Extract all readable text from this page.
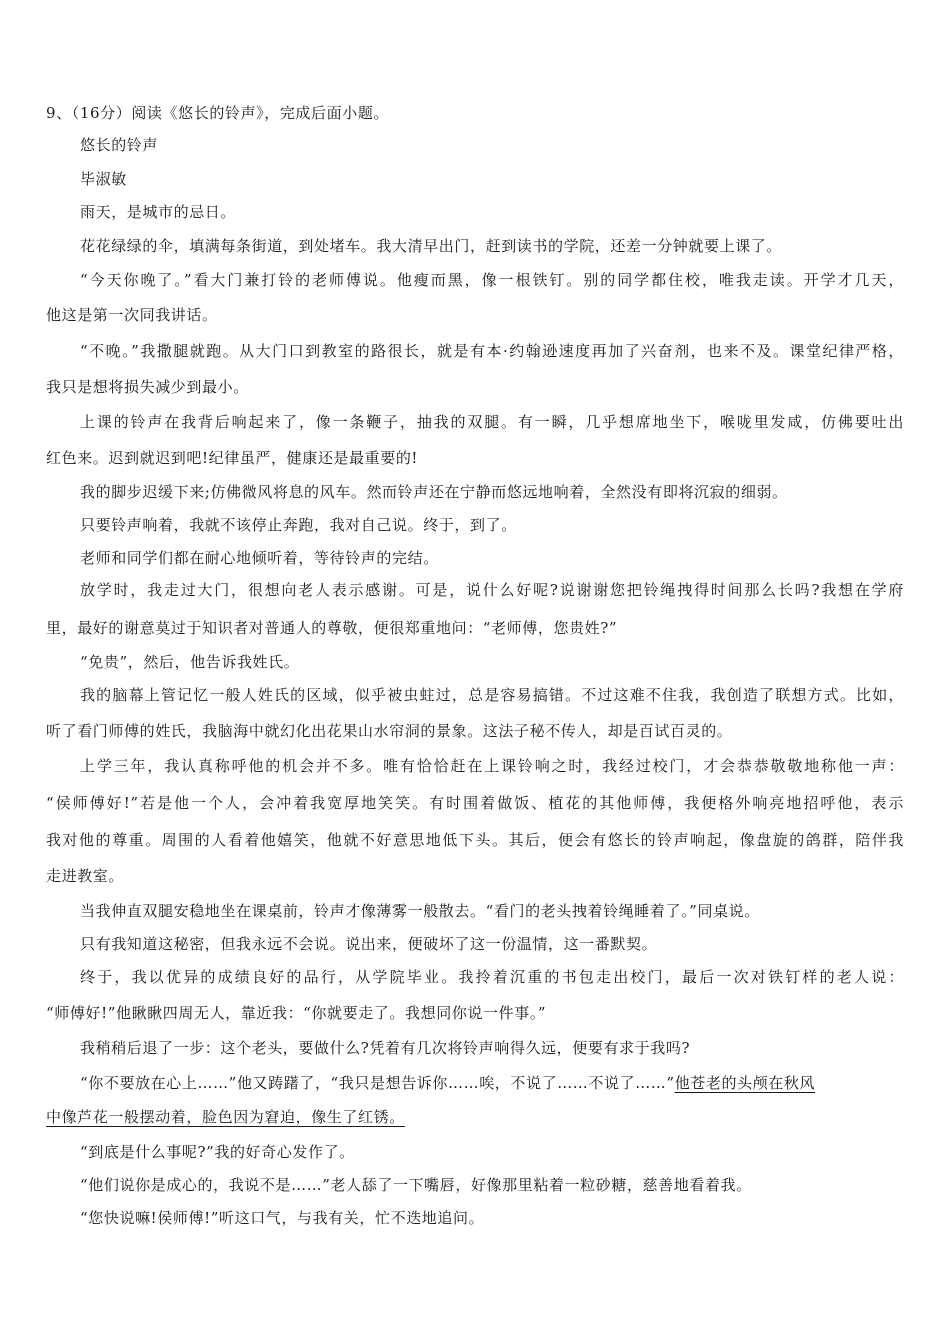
9、（16分）阅读《悠长的铃声》，完成后面小题。
悠长的铃声
毕淑敏
雨天，是城市的忌日。
花花绿绿的伞，填满每条街道，到处堵车。我大清早出门，赶到读书的学院，还差一分钟就要上课了。
“今天你晚了。”看大门兼打铃的老师傅说。他瘦而黑，像一根铁钉。别的同学都住校，唯我走读。开学才几天，
他这是第一次同我讲话。
“不晚。”我撒腿就跑。从大门口到教室的路很长，就是有本·约翰逊速度再加了兴奋剂，也来不及。课堂纪律严格，
我只是想将损失减少到最小。
上课的铃声在我背后响起来了，像一条鞭子，抽我的双腿。有一瞬，几乎想席地坐下，喉咙里发咸，仿佛要吐出
红色来。迟到就迟到吧!纪律虽严，健康还是最重要的!
我的脚步迟缓下来;仿佛微风将息的风车。然而铃声还在宁静而悠远地响着，全然没有即将沉寂的细弱。
只要铃声响着，我就不该停止奔跑，我对自己说。终于，到了。
老师和同学们都在耐心地倾听着，等待铃声的完结。
放学时，我走过大门，很想向老人表示感谢。可是，说什么好呢?说谢谢您把铃绳拽得时间那么长吗?我想在学府
里，最好的谢意莫过于知识者对普通人的尊敬，便很郑重地问：“老师傅，您贵姓?”
“免贵”，然后，他告诉我姓氏。
我的脑幕上管记忆一般人姓氏的区域，似乎被虫蛀过，总是容易搞错。不过这难不住我，我创造了联想方式。比如，
听了看门师傅的姓氏，我脑海中就幻化出花果山水帘洞的景象。这法子秘不传人，却是百试百灵的。
上学三年，我认真称呼他的机会并不多。唯有恰恰赶在上课铃响之时，我经过校门，才会恭恭敬敬地称他一声：
“侯师傅好!”若是他一个人，会冲着我宽厚地笑笑。有时围着做饭、植花的其他师傅，我便格外响亮地招呼他，表示
我对他的尊重。周围的人看着他嬉笑，他就不好意思地低下头。其后，便会有悠长的铃声响起，像盘旋的鸽群，陪伴我
走进教室。
当我伸直双腿安稳地坐在课桌前，铃声才像薄雾一般散去。“看门的老头拽着铃绳睡着了。”同桌说。
只有我知道这秘密，但我永远不会说。说出来，便破坏了这一份温情，这一番默契。
终于，我以优异的成绩良好的品行，从学院毕业。我拎着沉重的书包走出校门，最后一次对铁钉样的老人说：
“师傅好!”他瞅瞅四周无人，靠近我：“你就要走了。我想同你说一件事。”
我稍稍后退了一步：这个老头，要做什么?凭着有几次将铃声响得久远，便要有求于我吗?
“你不要放在心上……”他又踌躇了，“我只是想告诉你……唉，不说了……不说了……”他苍老的头颅在秋风
中像芦花一般摆动着，脸色因为窘迫，像生了红锈。
“到底是什么事呢?”我的好奇心发作了。
“他们说你是成心的，我说不是……”老人舔了一下嘴唇，好像那里粘着一粒砂糖，慈善地看着我。
“您快说嘛!侯师傅!”听这口气，与我有关，忙不迭地追问。
